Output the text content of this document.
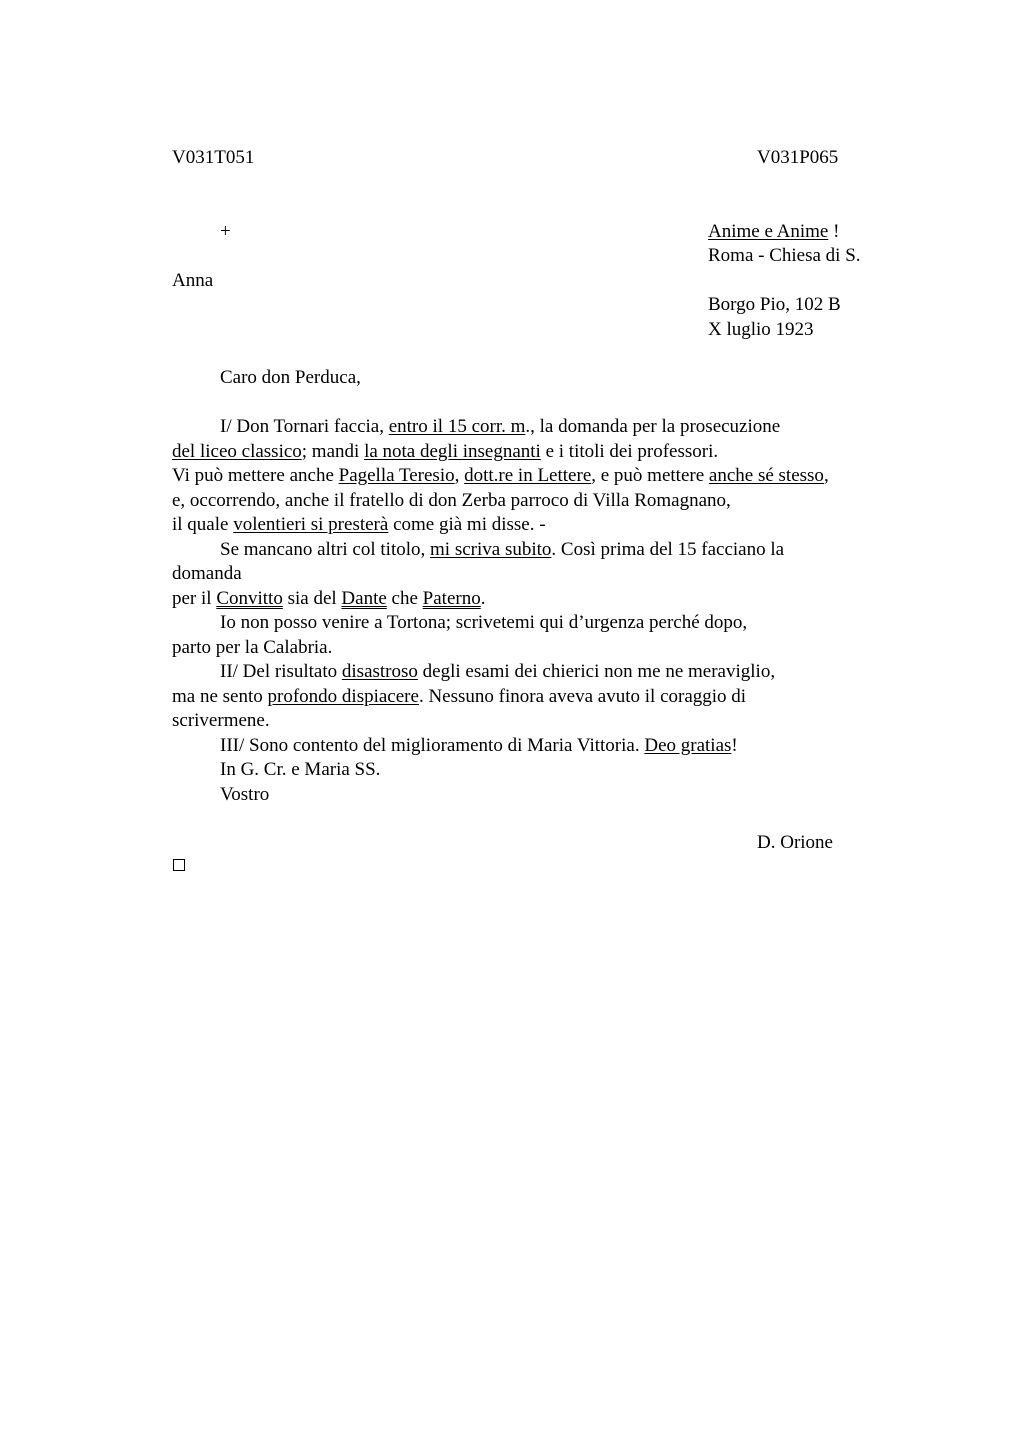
V031T051	V031P065
+	Anime e Anime !
Roma - Chiesa di S.
Anna
Borgo Pio, 102 B
X luglio 1923
Caro don Perduca,
I/ Don Tornari faccia, entro il 15 corr. m., la domanda per la prosecuzione
del liceo classico; mandi la nota degli insegnanti e i titoli dei professori.
Vi può mettere anche Pagella Teresio, dott.re in Lettere, e può mettere anche sé stesso,
e, occorrendo, anche il fratello di don Zerba parroco di Villa Romagnano,
il quale volentieri si presterà come già mi disse. -
Se mancano altri col titolo, mi scriva subito. Così prima del 15 facciano la
domanda
per il Convitto sia del Dante che Paterno.
Io non posso venire a Tortona; scrivetemi qui d’urgenza perché dopo,
parto per la Calabria.
II/ Del risultato disastroso degli esami dei chierici non me ne meraviglio,
ma ne sento profondo dispiacere. Nessuno finora aveva avuto il coraggio di
scrivermene.
III/ Sono contento del miglioramento di Maria Vittoria. Deo gratias!
In G. Cr. e Maria SS.
Vostro
D. Orione
